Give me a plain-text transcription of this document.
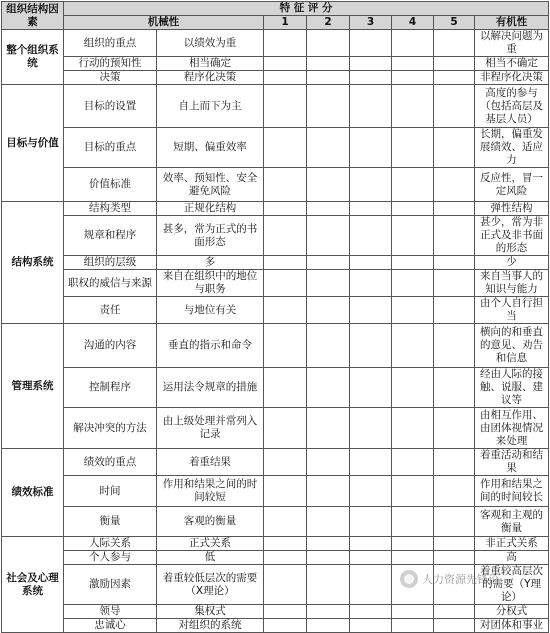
组织结构因素	特 征 评 分							
	机械性		1	2	3	4	5	有机性
整个组织系统	组织的重点	以绩效为重						以解决问题为重
	行动的预知性	相当确定						相当不确定
	决策	程序化决策						非程序化决策
目标与价值	目标的设置	自上而下为主						高度的参与（包括高层及基层人员）
	目标的重点	短期、偏重效率						长期，偏重发展绩效、适应力
	价值标准	效率、预知性、安全避免风险						反应性，冒一定风险
结构系统	结构类型	正规化结构						弹性结构
	规章和程序	甚多，常为正式的书面形态						甚少，常为非正式及非书面的形态
	组织的层级	多						少
	职权的威信与来源	来自在组织中的地位与职务						来自当事人的知识与能力
	责任	与地位有关						由个人自行担当
管理系统	沟通的内容	垂直的指示和命令						横向的和垂直的意见、劝告和信息
	控制程序	运用法令规章的措施						经由人际的接触、说服、建议等
	解决冲突的方法	由上级处理并常列入记录						由相互作用、由团体视情况来处理
绩效标准	绩效的重点	着重结果						着重活动和结果
	时间	作用和结果之间的时间较短						作用和结果之间的时间较长
	衡量	客观的衡量						客观和主观的衡量
社会及心理系统	人际关系	正式关系						非正式关系
	个人参与	低						高
	激励因素	着重较低层次的需要（X理论）						着重较高层次的需要（Y理论）
	领导	集权式						分权式
	忠诚心	对组织的系统						对团体和事业
人力资源先锋论
